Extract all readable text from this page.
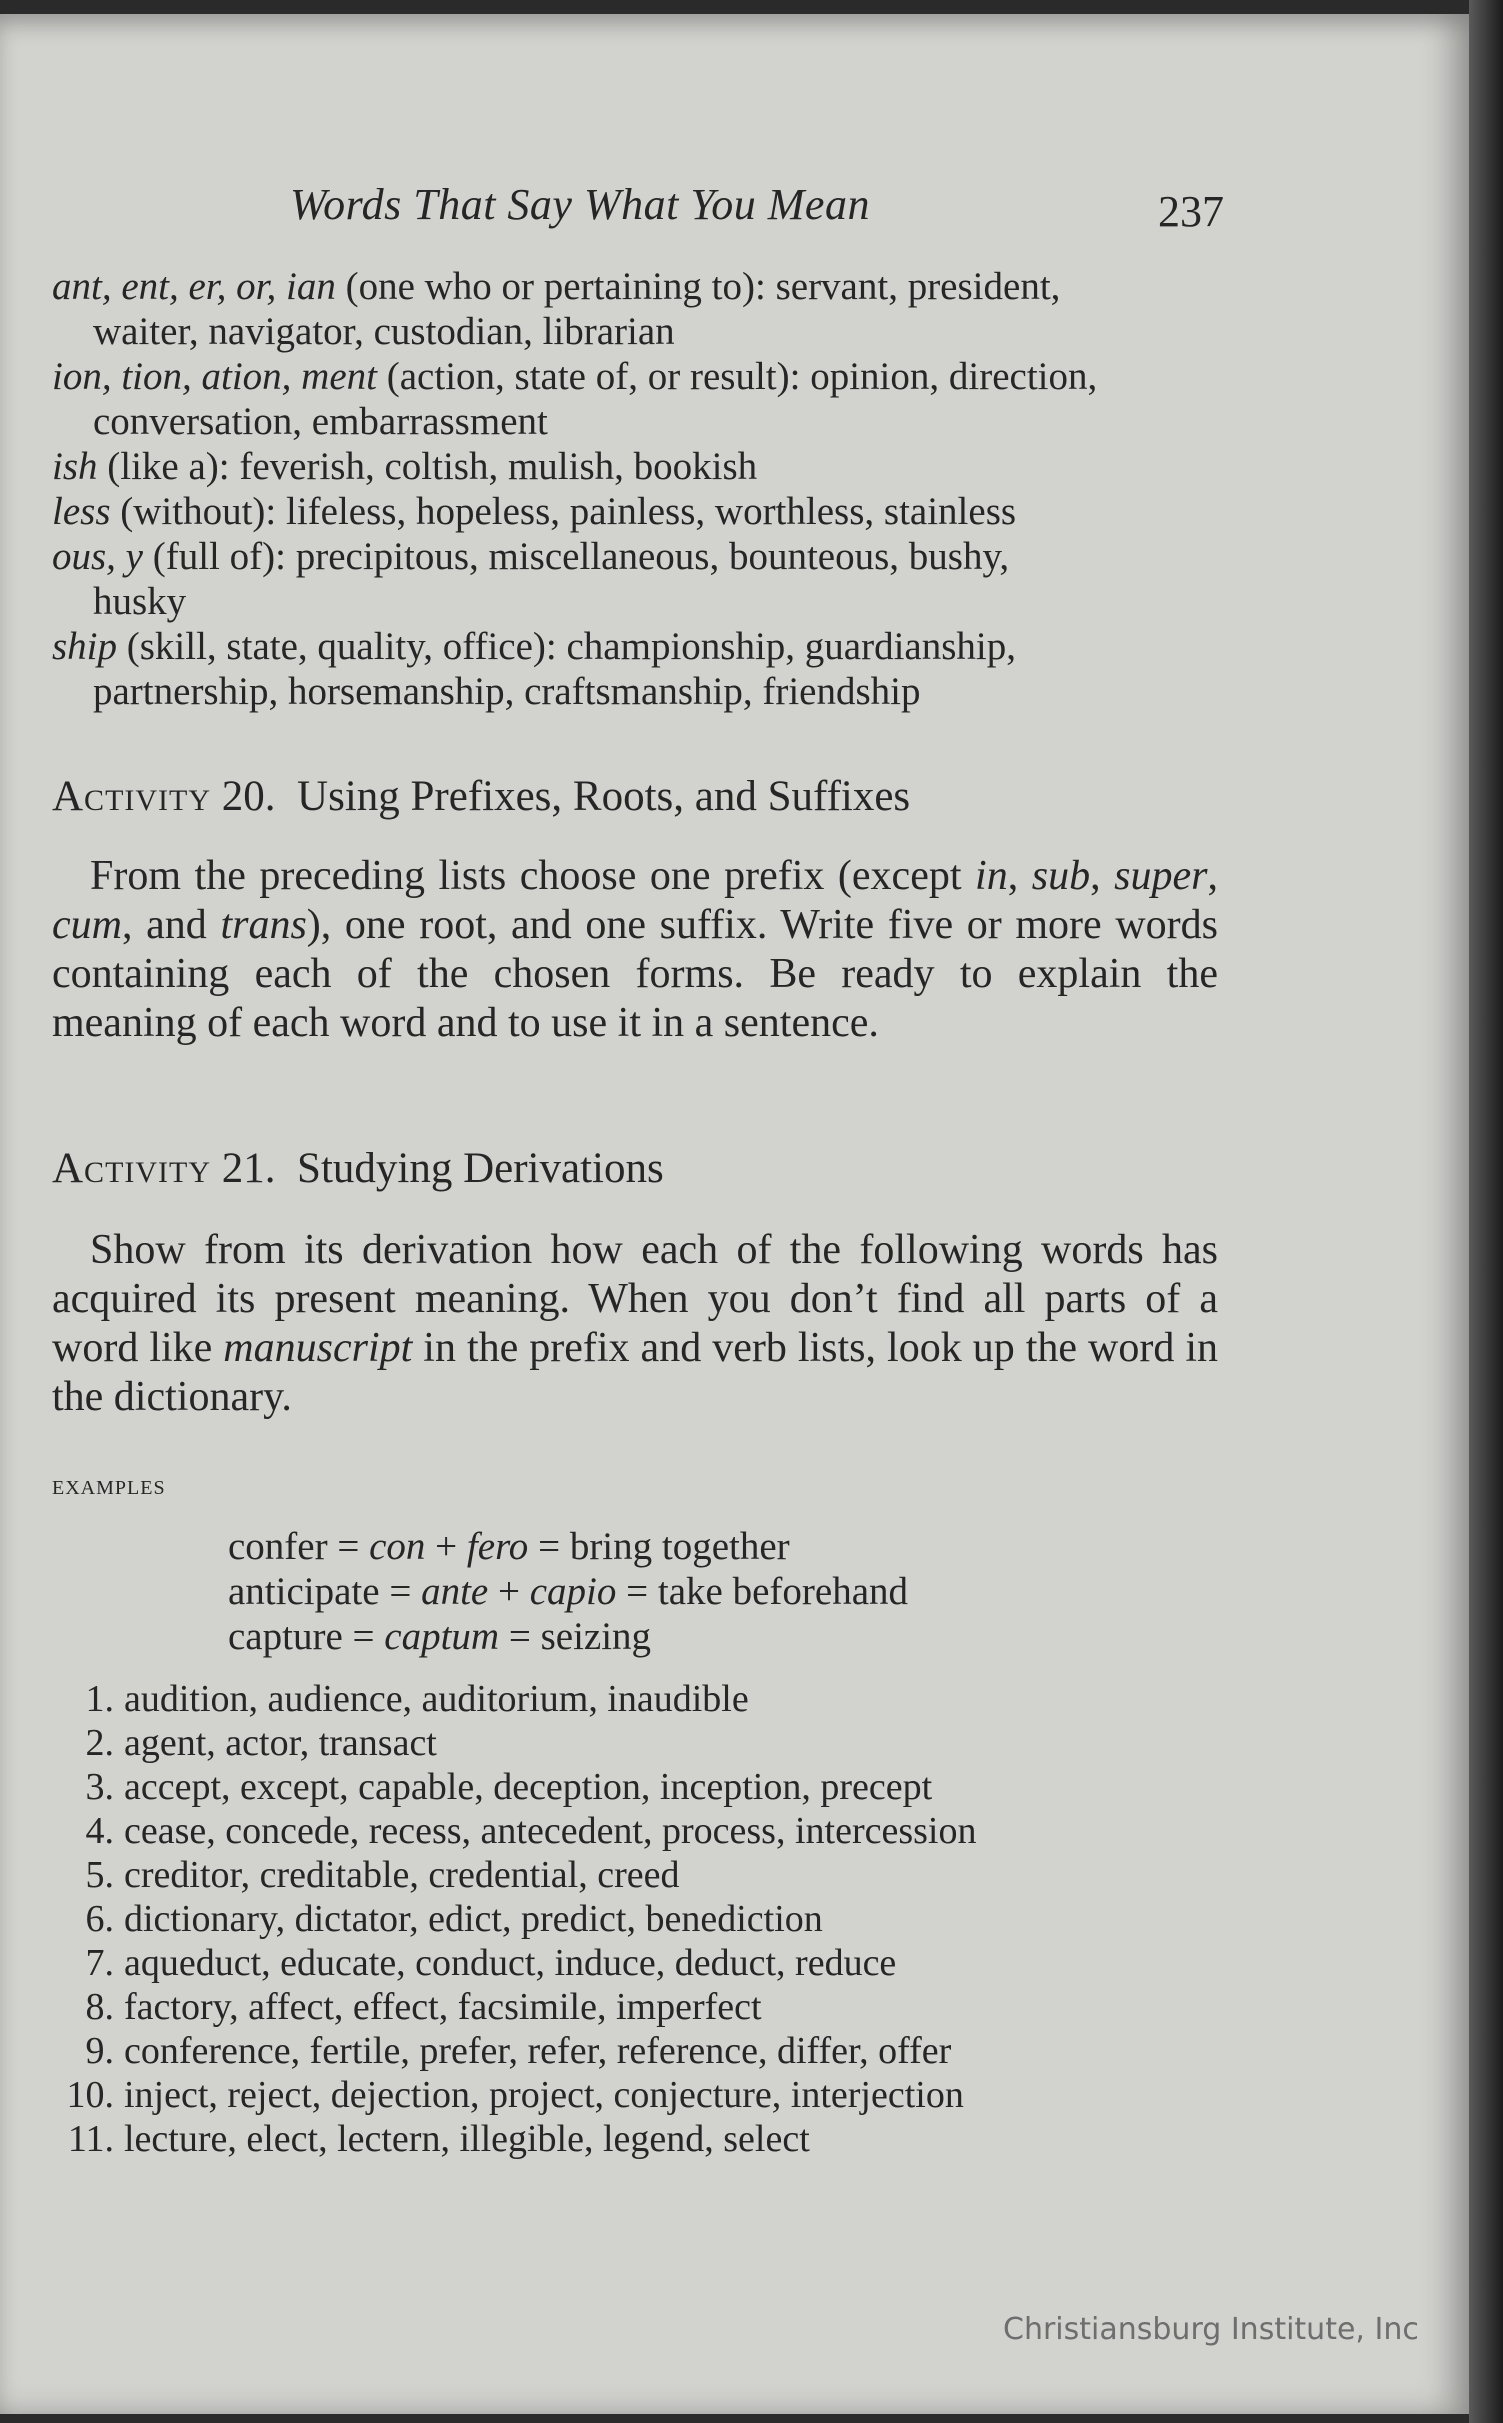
Words That Say What You Mean	237
ant, ent, er, or, ian (one who or pertaining to): servant, president,
waiter, navigator, custodian, librarian
ion, tion, ation, ment (action, state of, or result): opinion, direction,
conversation, embarrassment
ish (like a): feverish, coltish, mulish, bookish
less (without): lifeless, hopeless, painless, worthless, stainless
ous, y (full of): precipitous, miscellaneous, bounteous, bushy,
husky
ship (skill, state, quality, office): championship, guardianship,
partnership, horsemanship, craftsmanship, friendship
Activity 20. Using Prefixes, Roots, and Suffixes
From the preceding lists choose one prefix (except in, sub, super, cum, and trans), one root, and one suffix. Write five or more words containing each of the chosen forms. Be ready to explain the meaning of each word and to use it in a sentence.
Activity 21. Studying Derivations
Show from its derivation how each of the following words has acquired its present meaning. When you don’t find all parts of a word like manuscript in the prefix and verb lists, look up the word in the dictionary.
examples
confer = con + fero = bring together
anticipate = ante + capio = take beforehand
capture = captum = seizing
1. audition, audience, auditorium, inaudible
2. agent, actor, transact
3. accept, except, capable, deception, inception, precept
4. cease, concede, recess, antecedent, process, intercession
5. creditor, creditable, credential, creed
6. dictionary, dictator, edict, predict, benediction
7. aqueduct, educate, conduct, induce, deduct, reduce
8. factory, affect, effect, facsimile, imperfect
9. conference, fertile, prefer, refer, reference, differ, offer
10. inject, reject, dejection, project, conjecture, interjection
11. lecture, elect, lectern, illegible, legend, select
Christiansburg Institute, Inc
